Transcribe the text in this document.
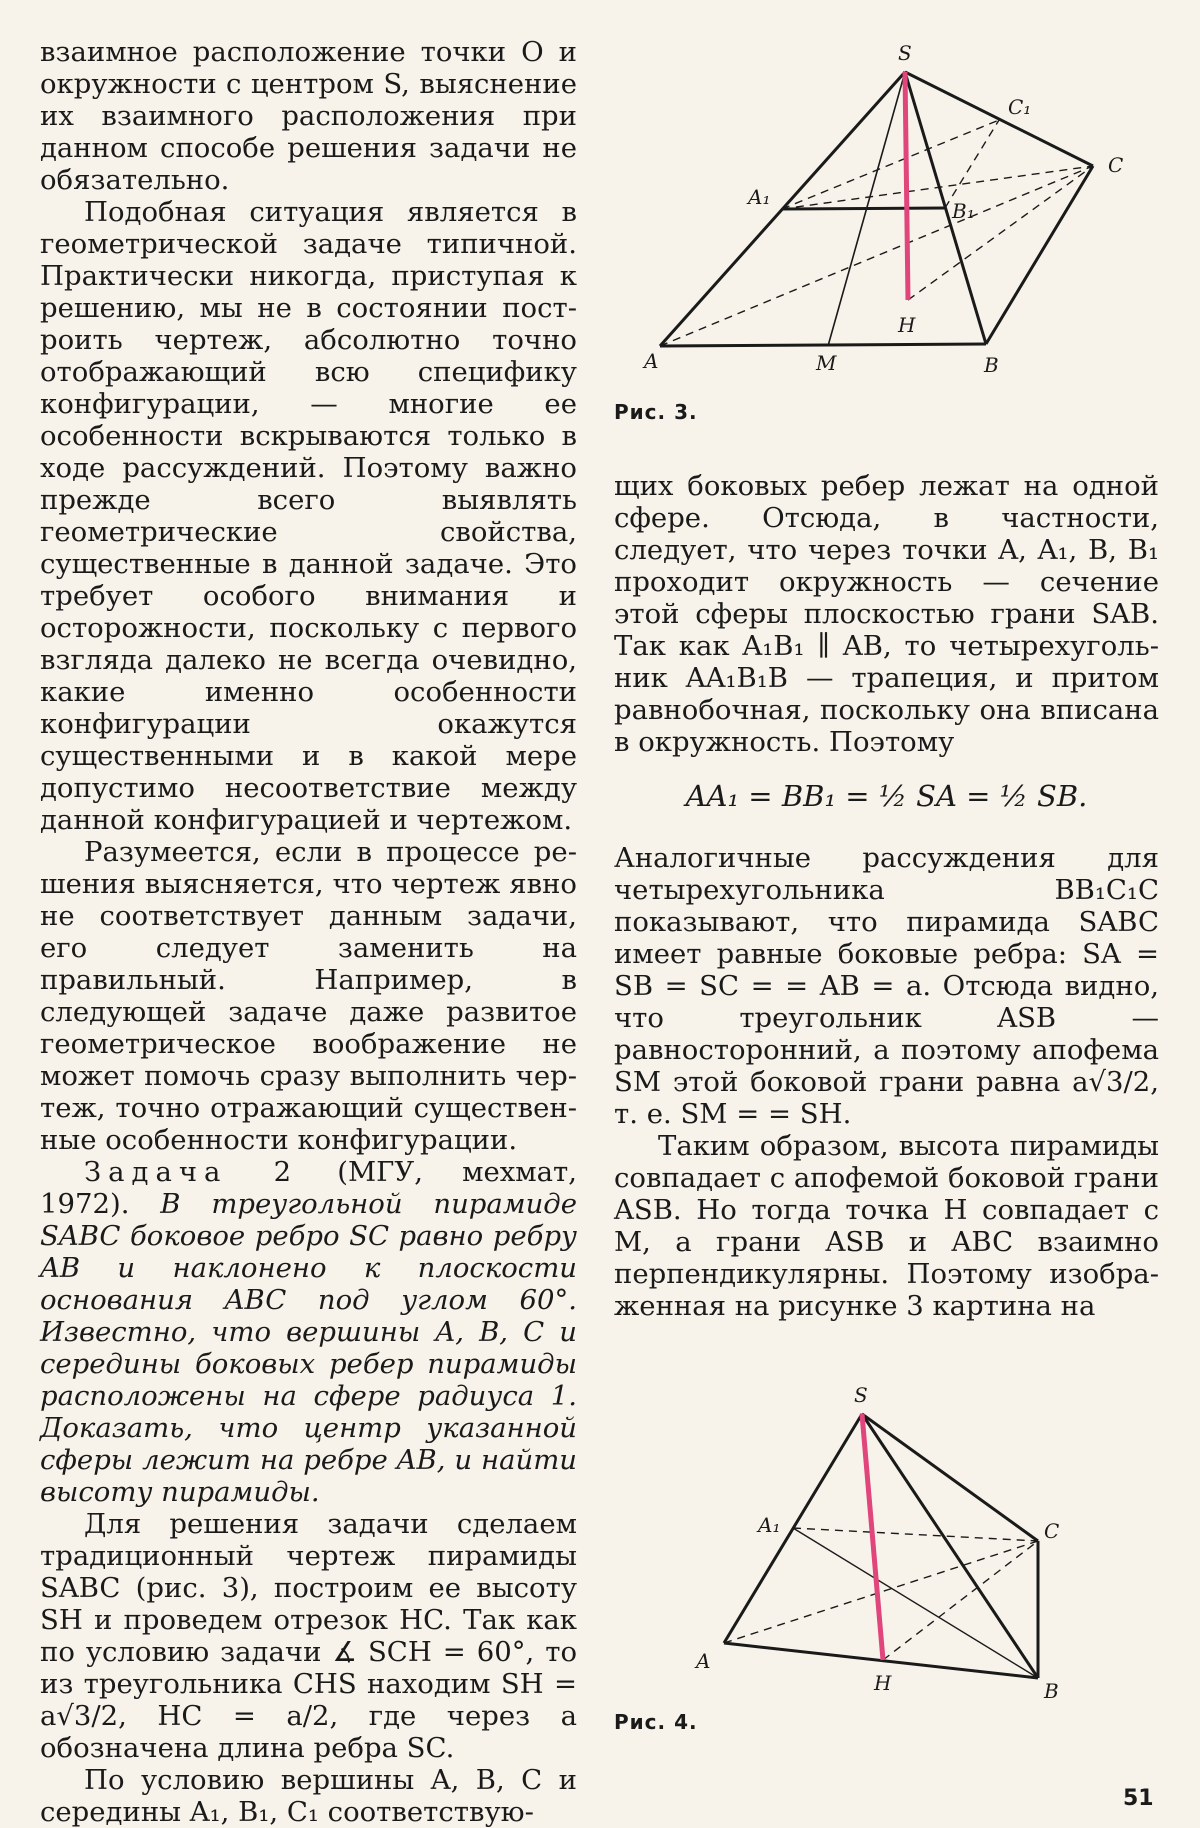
взаимное расположение точки O и окружности с центром S, выяснение их взаимного расположения при данном способе решения задачи не обязательно.

Подобная ситуация является в геометрической задаче типичной. Практически никогда, приступая к решению, мы не в состоянии построить чертеж, абсолютно точно отображающий всю специфику конфигурации, — многие ее особенности вскрываются только в ходе рассуждений. Поэтому важно прежде всего выявлять геометрические свойства, существенные в данной задаче. Это требует особого внимания и осторожности, поскольку с первого взгляда далеко не всегда очевидно, какие именно особенности конфигурации окажутся существенными и в какой мере допустимо несоответствие между данной конфигурацией и чертежом.

Разумеется, если в процессе решения выясняется, что чертеж явно не соответствует данным задачи, его следует заменить на правильный. Например, в следующей задаче даже развитое геометрическое воображение не может помочь сразу выполнить чертеж, точно отражающий существенные особенности конфигурации.

Задача 2 (МГУ, мехмат, 1972). В треугольной пирамиде SABC боковое ребро SC равно ребру AB и наклонено к плоскости основания ABC под углом 60°. Известно, что вершины A, B, C и середины боковых ребер пирамиды расположены на сфере радиуса 1. Доказать, что центр указанной сферы лежит на ребре AB, и найти высоту пирамиды.

Для решения задачи сделаем традиционный чертеж пирамиды SABC (рис. 3), построим ее высоту SH и проведем отрезок HC. Так как по условию задачи ∡ SCH = 60°, то из треугольника CHS находим SH = a√3/2, HC = a/2, где через a обозначена длина ребра SC.

По условию вершины A, B, C и середины A₁, B₁, C₁ соответствую-

S
C₁
C
A₁
B₁
H
A	M	B
Рис. 3.

щих боковых ребер лежат на одной сфере. Отсюда, в частности, следует, что через точки A, A₁, B, B₁ проходит окружность — сечение этой сферы плоскостью грани SAB. Так как A₁B₁ ∥ AB, то четырехугольник AA₁B₁B — трапеция, и притом равнобочная, поскольку она вписана в окружность. Поэтому

AA₁ = BB₁ = ½ SA = ½ SB.

Аналогичные рассуждения для четырехугольника BB₁C₁C показывают, что пирамида SABC имеет равные боковые ребра: SA = SB = SC = = AB = a. Отсюда видно, что треугольник ASB — равносторонний, а поэтому апофема SM этой боковой грани равна a√3/2, т. е. SM = = SH.

Таким образом, высота пирамиды совпадает с апофемой боковой грани ASB. Но тогда точка H совпадает с M, а грани ASB и ABC взаимно перпендикулярны. Поэтому изображенная на рисунке 3 картина на

S
A₁	C
A
H	B
Рис. 4.
51
